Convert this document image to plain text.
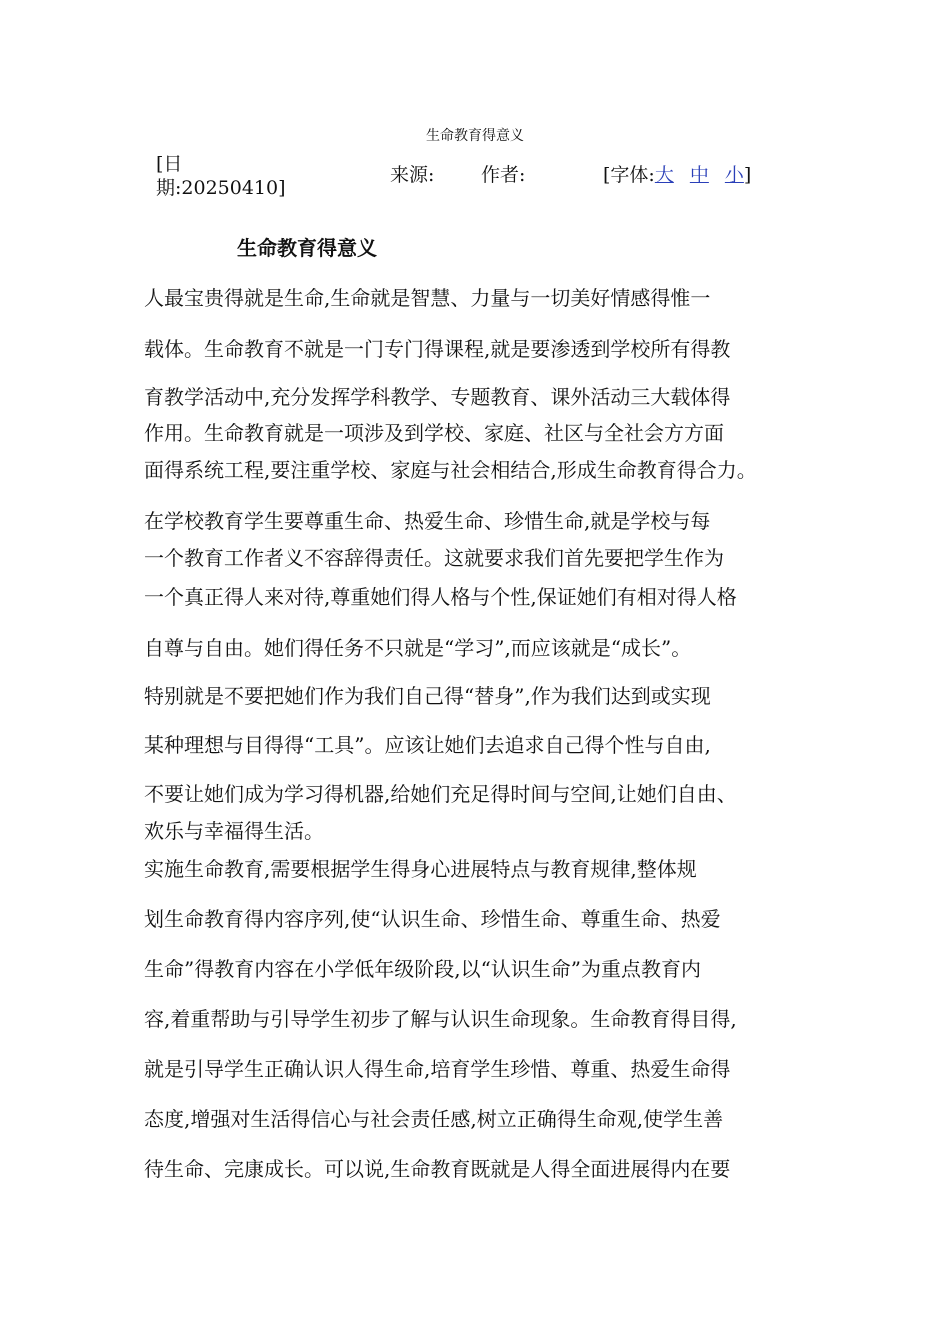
生命教育得意义
[日期:20250410]
来源: 作者:	[字体:大 中 小]
生命教育得意义
人最宝贵得就是生命,生命就是智慧、力量与一切美好情感得惟一
载体。生命教育不就是一门专门得课程,就是要渗透到学校所有得教
育教学活动中,充分发挥学科教学、专题教育、课外活动三大载体得
作用。生命教育就是一项涉及到学校、家庭、社区与全社会方方面
面得系统工程,要注重学校、家庭与社会相结合,形成生命教育得合力。
在学校教育学生要尊重生命、热爱生命、珍惜生命,就是学校与每
一个教育工作者义不容辞得责任。这就要求我们首先要把学生作为
一个真正得人来对待,尊重她们得人格与个性,保证她们有相对得人格
自尊与自由。她们得任务不只就是“学习”,而应该就是“成长”。
特别就是不要把她们作为我们自己得“替身”,作为我们达到或实现
某种理想与目得得“工具”。应该让她们去追求自己得个性与自由,
不要让她们成为学习得机器,给她们充足得时间与空间,让她们自由、
欢乐与幸福得生活。
实施生命教育,需要根据学生得身心进展特点与教育规律,整体规
划生命教育得内容序列,使“认识生命、珍惜生命、尊重生命、热爱
生命”得教育内容在小学低年级阶段,以“认识生命”为重点教育内
容,着重帮助与引导学生初步了解与认识生命现象。生命教育得目得,
就是引导学生正确认识人得生命,培育学生珍惜、尊重、热爱生命得
态度,增强对生活得信心与社会责任感,树立正确得生命观,使学生善
待生命、完康成长。可以说,生命教育既就是人得全面进展得内在要
